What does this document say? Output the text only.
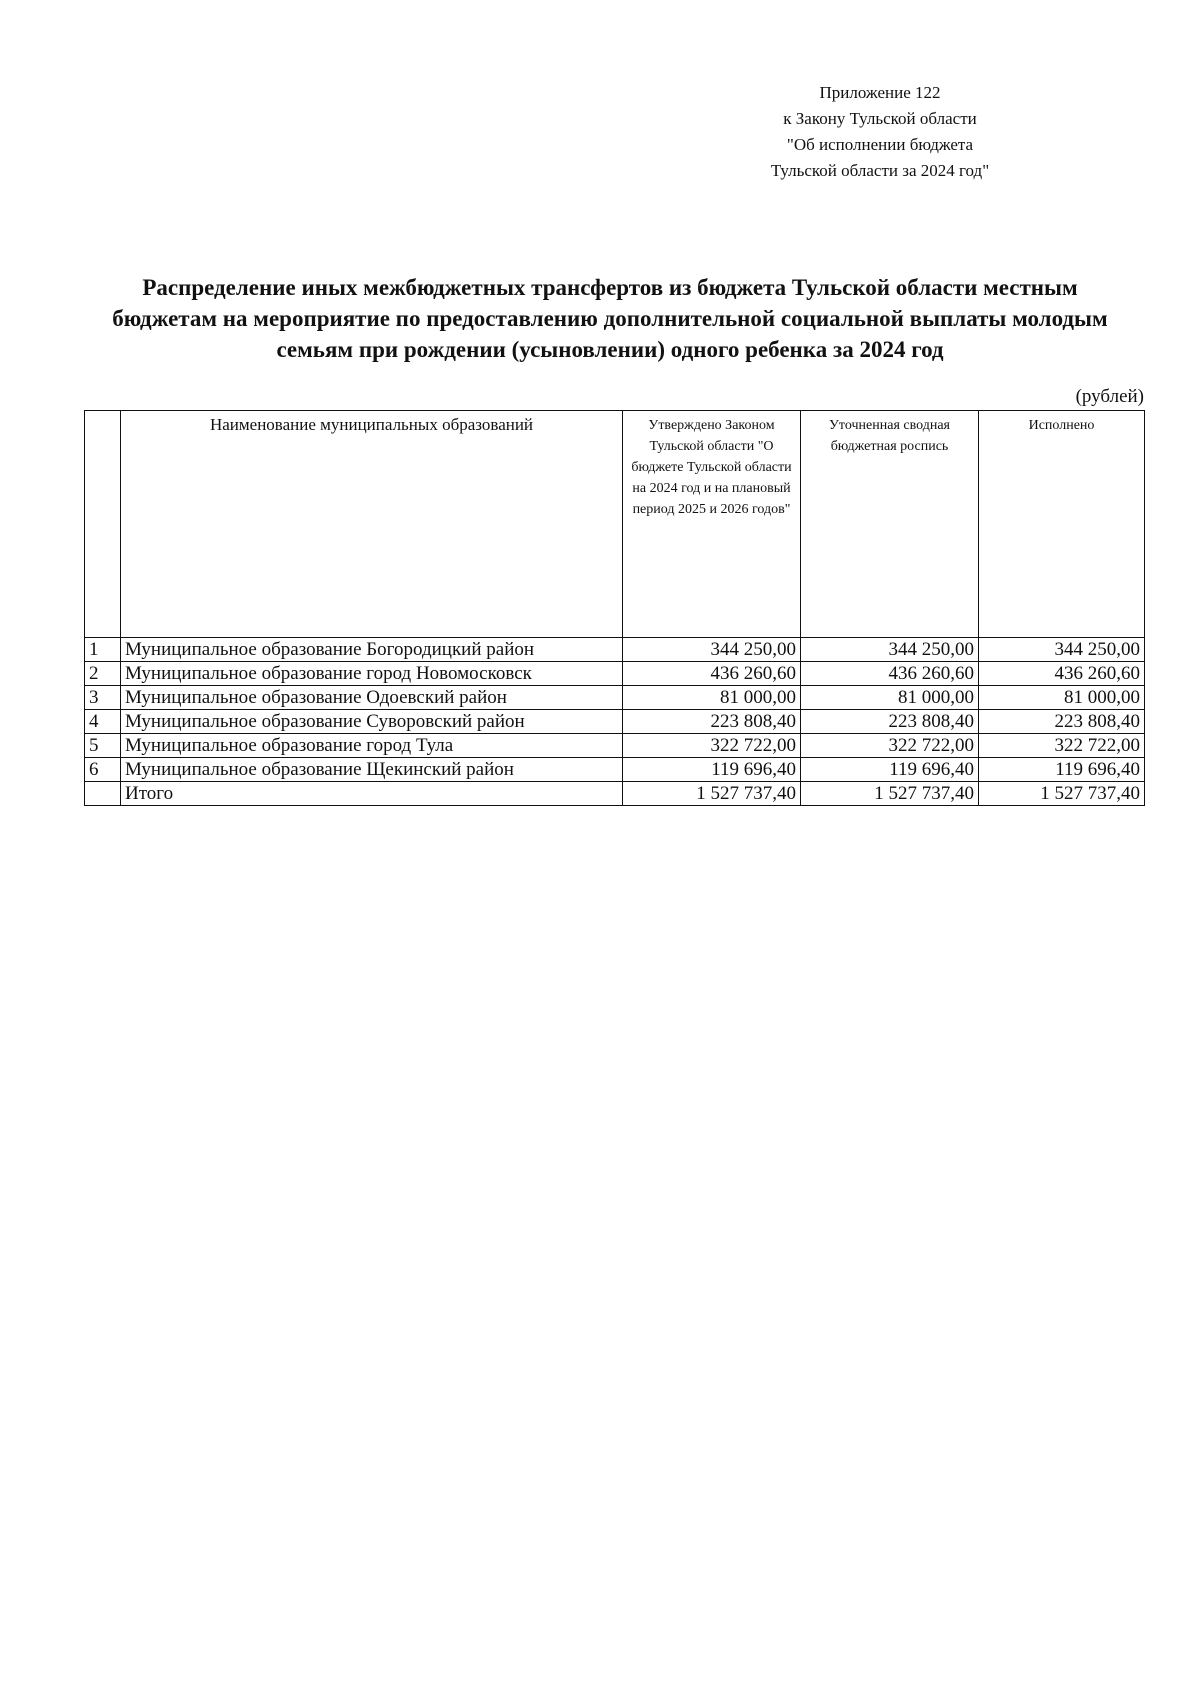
Приложение 122
к Закону Тульской области
"Об исполнении бюджета
Тульской области за 2024 год"
Распределение иных межбюджетных трансфертов из бюджета Тульской области местным
бюджетам на мероприятие по предоставлению дополнительной социальной выплаты молодым
семьям при рождении (усыновлении) одного ребенка за 2024 год
(рублей)
	Наименование муниципальных образований	Утверждено Законом Тульской области "О бюджете Тульской области на 2024 год и на плановый период 2025 и 2026 годов"	Уточненная сводная бюджетная роспись	Исполнено
1	Муниципальное образование Богородицкий район	344 250,00	344 250,00	344 250,00
2	Муниципальное образование город Новомосковск	436 260,60	436 260,60	436 260,60
3	Муниципальное образование Одоевский район	81 000,00	81 000,00	81 000,00
4	Муниципальное образование Суворовский район	223 808,40	223 808,40	223 808,40
5	Муниципальное образование город Тула	322 722,00	322 722,00	322 722,00
6	Муниципальное образование Щекинский район	119 696,40	119 696,40	119 696,40
	Итого	1 527 737,40	1 527 737,40	1 527 737,40
